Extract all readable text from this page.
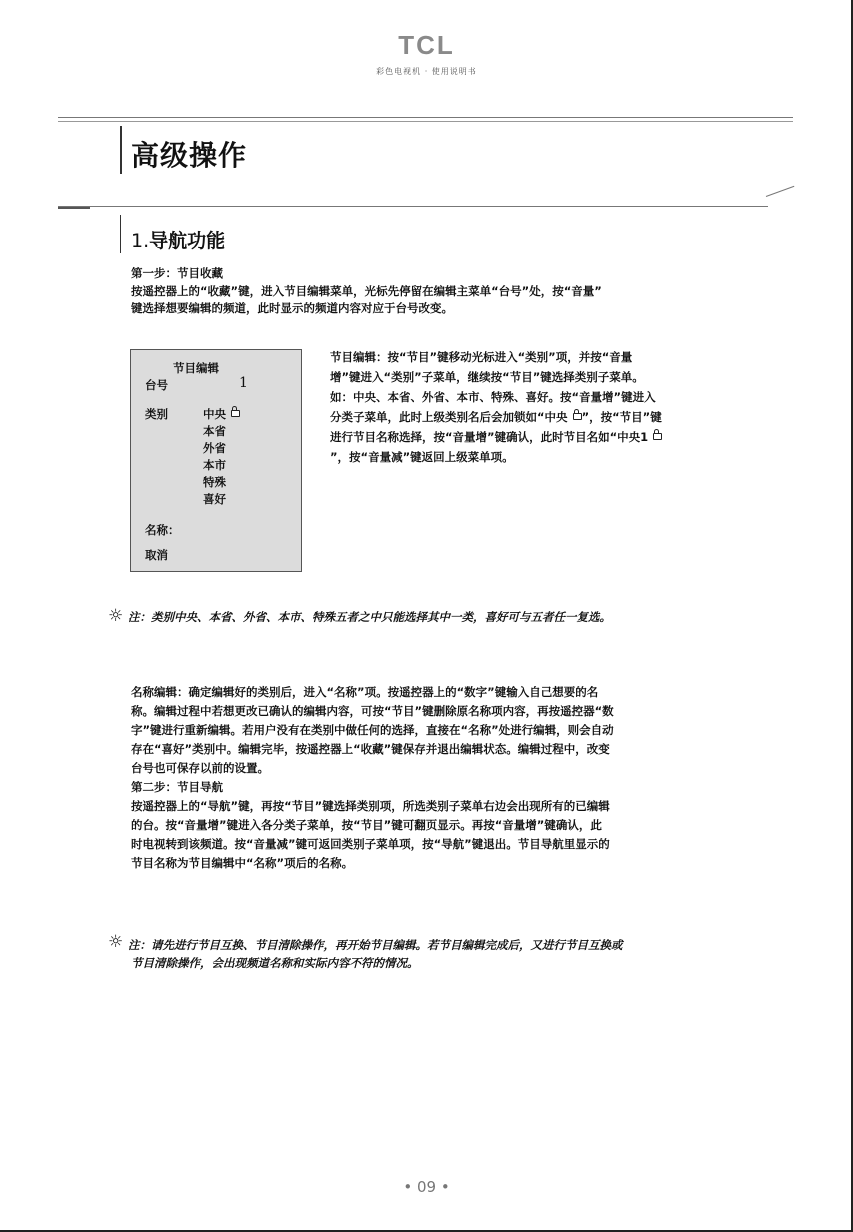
TCL
彩色电视机 · 使用说明书
高级操作
1.导航功能
第一步：节目收藏
按遥控器上的“收藏”键，进入节目编辑菜单，光标先停留在编辑主菜单“台号”处，按“音量”
键选择想要编辑的频道，此时显示的频道内容对应于台号改变。
节目编辑
台号	1
类别	中央
本省
外省
本市
特殊
喜好
名称：
取消
节目编辑：按“节目”键移动光标进入“类别”项，并按“音量
增”键进入“类别”子菜单，继续按“节目”键选择类别子菜单。
如：中央、本省、外省、本市、特殊、喜好。按“音量增”键进入
分类子菜单，此时上级类别名后会加锁如“中央 ”，按“节目”键
进行节目名称选择，按“音量增”键确认，此时节目名如“中央1
”，按“音量减”键返回上级菜单项。
☼ 注：类别中央、本省、外省、本市、特殊五者之中只能选择其中一类，喜好可与五者任一复选。
名称编辑：确定编辑好的类别后，进入“名称”项。按遥控器上的“数字”键输入自己想要的名
称。编辑过程中若想更改已确认的编辑内容，可按“节目”键删除原名称项内容，再按遥控器“数
字”键进行重新编辑。若用户没有在类别中做任何的选择，直接在“名称”处进行编辑，则会自动
存在“喜好”类别中。编辑完毕，按遥控器上“收藏”键保存并退出编辑状态。编辑过程中，改变
台号也可保存以前的设置。
第二步：节目导航
按遥控器上的“导航”键，再按“节目”键选择类别项，所选类别子菜单右边会出现所有的已编辑
的台。按“音量增”键进入各分类子菜单，按“节目”键可翻页显示。再按“音量增”键确认，此
时电视转到该频道。按“音量减”键可返回类别子菜单项，按“导航”键退出。节目导航里显示的
节目名称为节目编辑中“名称”项后的名称。
☼ 注：请先进行节目互换、节目清除操作，再开始节目编辑。若节目编辑完成后，又进行节目互换或
节目清除操作，会出现频道名称和实际内容不符的情况。
• 09 •
